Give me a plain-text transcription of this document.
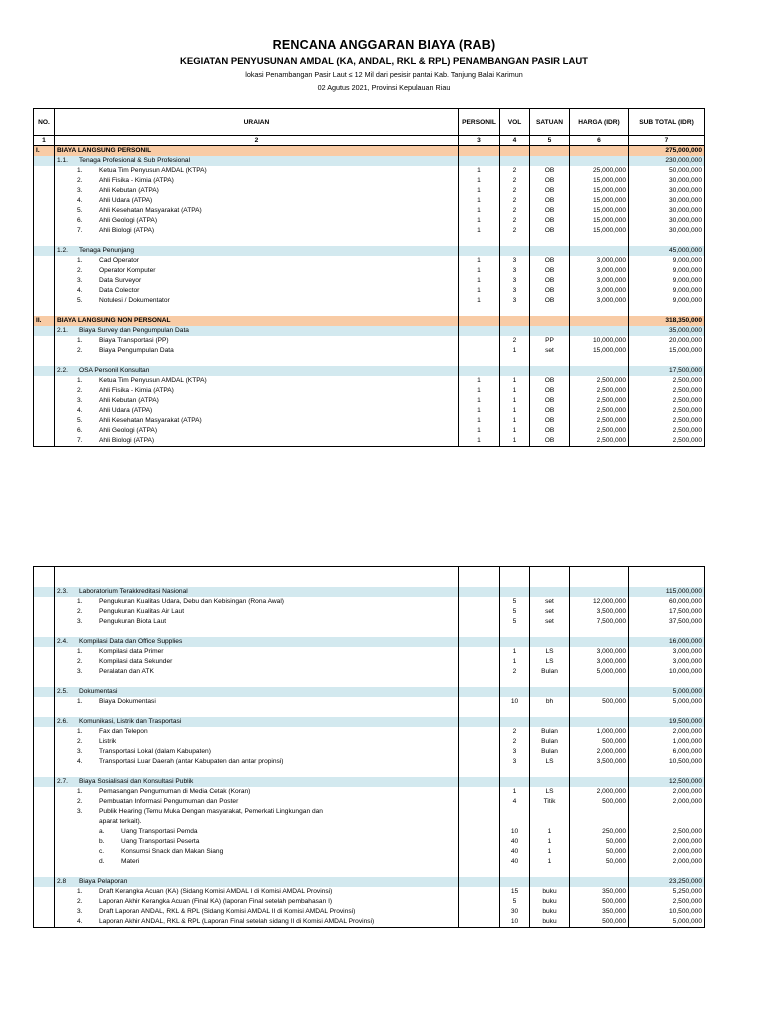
RENCANA ANGGARAN BIAYA (RAB)
KEGIATAN PENYUSUNAN AMDAL (KA, ANDAL, RKL & RPL) PENAMBANGAN PASIR LAUT
lokasi Penambangan Pasir Laut ≤ 12 Mil dari pesisir pantai Kab. Tanjung Balai Karimun
02 Agutus 2021, Provinsi Kepulauan Riau
NO.	URAIAN	PERSONIL	VOL	SATUAN	HARGA (IDR)	SUB TOTAL (IDR)
1	2	3	4	5	6	7
I.	BIAYA LANGSUNG PERSONIL					275,000,000
	1.1. Tenaga Profesional & Sub Profesional					230,000,000
	1. Ketua Tim Penyusun AMDAL (KTPA)	1	2	OB	25,000,000	50,000,000
	2. Ahli Fisika - Kimia (ATPA)	1	2	OB	15,000,000	30,000,000
	3. Ahli Kebutan (ATPA)	1	2	OB	15,000,000	30,000,000
	4. Ahli Udara (ATPA)	1	2	OB	15,000,000	30,000,000
	5. Ahli Kesehatan Masyarakat (ATPA)	1	2	OB	15,000,000	30,000,000
	6. Ahli Geologi (ATPA)	1	2	OB	15,000,000	30,000,000
	7. Ahli Biologi (ATPA)	1	2	OB	15,000,000	30,000,000

	1.2. Tenaga Penunjang					45,000,000
	1. Cad Operator	1	3	OB	3,000,000	9,000,000
	2. Operator Komputer	1	3	OB	3,000,000	9,000,000
	3. Data Surveyor	1	3	OB	3,000,000	9,000,000
	4. Data Colector	1	3	OB	3,000,000	9,000,000
	5. Notulesi / Dokumentator	1	3	OB	3,000,000	9,000,000

II.	BIAYA LANGSUNG NON PERSONAL					318,350,000
	2.1. Biaya Survey dan Pengumpulan Data					35,000,000
	1. Biaya Transportasi (PP)		2	PP	10,000,000	20,000,000
	2. Biaya Pengumpulan Data		1	set	15,000,000	15,000,000

	2.2. OSA Personil Konsultan					17,500,000
	1. Ketua Tim Penyusun AMDAL (KTPA)	1	1	OB	2,500,000	2,500,000
	2. Ahli Fisika - Kimia (ATPA)	1	1	OB	2,500,000	2,500,000
	3. Ahli Kebutan (ATPA)	1	1	OB	2,500,000	2,500,000
	4. Ahli Udara (ATPA)	1	1	OB	2,500,000	2,500,000
	5. Ahli Kesehatan Masyarakat (ATPA)	1	1	OB	2,500,000	2,500,000
	6. Ahli Geologi (ATPA)	1	1	OB	2,500,000	2,500,000
	7. Ahli Biologi (ATPA)	1	1	OB	2,500,000	2,500,000

	2.3. Laboratorium Terakkreditasi Nasional					115,000,000
	1. Pengukuran Kualitas Udara, Debu dan Kebisingan (Rona Awal)		5	set	12,000,000	60,000,000
	2. Pengukuran Kualitas Air Laut		5	set	3,500,000	17,500,000
	3. Pengukuran Biota Laut		5	set	7,500,000	37,500,000

	2.4. Kompilasi Data dan Office Supplies					16,000,000
	1. Kompilasi data Primer		1	LS	3,000,000	3,000,000
	2. Kompilasi data Sekunder		1	LS	3,000,000	3,000,000
	3. Peralatan dan ATK		2	Bulan	5,000,000	10,000,000

	2.5. Dokumentasi					5,000,000
	1. Biaya Dokumentasi		10	bh	500,000	5,000,000

	2.6. Komunikasi, Listrik dan Trasportasi					19,500,000
	1. Fax dan Telepon		2	Bulan	1,000,000	2,000,000
	2. Listrik		2	Bulan	500,000	1,000,000
	3. Transportasi Lokal (dalam Kabupaten)		3	Bulan	2,000,000	6,000,000
	4. Transportasi Luar Daerah (antar Kabupaten dan antar propinsi)		3	LS	3,500,000	10,500,000

	2.7. Biaya Sosialisasi dan Konsultasi Publik					12,500,000
	1. Pemasangan Pengumuman di Media Cetak (Koran)		1	LS	2,000,000	2,000,000
	2. Pembuatan Informasi Pengumuman dan Poster		4	Titik	500,000	2,000,000
	3. Publik Hearing (Temu Muka Dengan masyarakat, Pemerkati Lingkungan dan					
	aparat terkait).					
	a. Uang Transportasi Pemda		10	1	250,000	2,500,000
	b. Uang Transportasi Peserta		40	1	50,000	2,000,000
	c. Konsumsi Snack dan Makan Siang		40	1	50,000	2,000,000
	d. Materi		40	1	50,000	2,000,000

	2.8 Biaya Pelaporan					23,250,000
	1. Draft Kerangka Acuan (KA) (Sidang Komisi AMDAL I di Komisi AMDAL Provinsi)		15	buku	350,000	5,250,000
	2. Laporan Akhir Kerangka Acuan (Final KA) (laporan Final setelah pembahasan I)		5	buku	500,000	2,500,000
	3. Draft Laporan ANDAL, RKL & RPL (Sidang Komisi AMDAL II di Komisi AMDAL Provinsi)		30	buku	350,000	10,500,000
	4. Laporan Akhir ANDAL, RKL & RPL (Laporan Final setelah sidang II di Komisi AMDAL Provinsi)		10	buku	500,000	5,000,000
